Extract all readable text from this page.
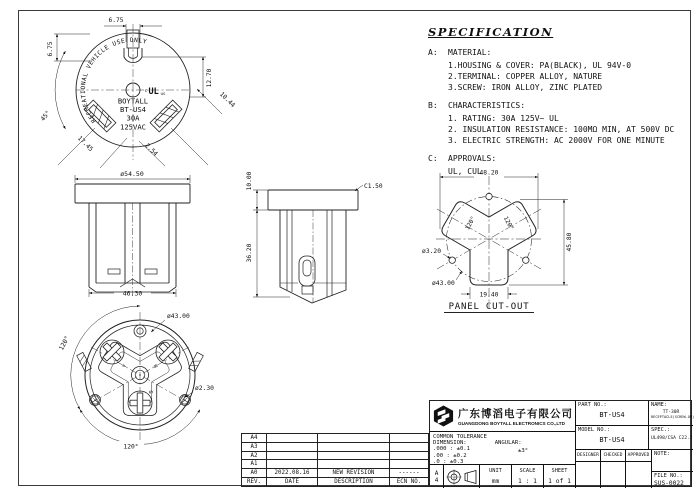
RECREATIONAL VEHICLE USE ONLY
BOYTALL
BT-US4
30A
125VAC
c UL us
6.75
6.75
12.70
10.44
45°
17.45	2.54
ø54.50
46.30
C1.50
10.00
36.20
48.20
45.80
ø3.20
ø43.00
19.40
120°	120°
PANEL CUT-OUT
Y	W
G
ø43.00
ø2.30
120°
120°
SPECIFICATION
A:	MATERIAL:
1.HOUSING & COVER: PA(BLACK), UL 94V-0
2.TERMINAL: COPPER ALLOY, NATURE
3.SCREW: IRON ALLOY, ZINC PLATED
B:	CHARACTERISTICS:
1. RATING: 30A 125V~ UL
2. INSULATION RESISTANCE: 100MΩ MIN, AT 500V DC
3. ELECTRIC STRENGTH: AC 2000V FOR ONE MINUTE
C:	APPROVALS:
UL, CUL
A4
A3
A2
A1
A0	2022.08.16	NEW REVISION	------
REV.	DATE	DESCRIPTION	ECN NO.
广东博滔电子有限公司
GUANGDONG BOYTALL ELECTRONICS CO.,LTD
COMMON TOLERANCE
DIMENSION:	ANGULAR:
.000 : ±0.1
.00 : ±0.2
.0 : ±0.3
±3°
A
4
UNIT
mm
SCALE
1 : 1
SHEET
1 of 1
PART NO.:
BT-US4
NAME:
TT-30R
RECEPTACLE(SCREW-ON)
MODEL NO.:
BT-US4
SPEC.:
UL498/CSA C22.2
DESIGNER	CHECKED	APPROVED NOTE:
FILE NO.:
SUS-0022
